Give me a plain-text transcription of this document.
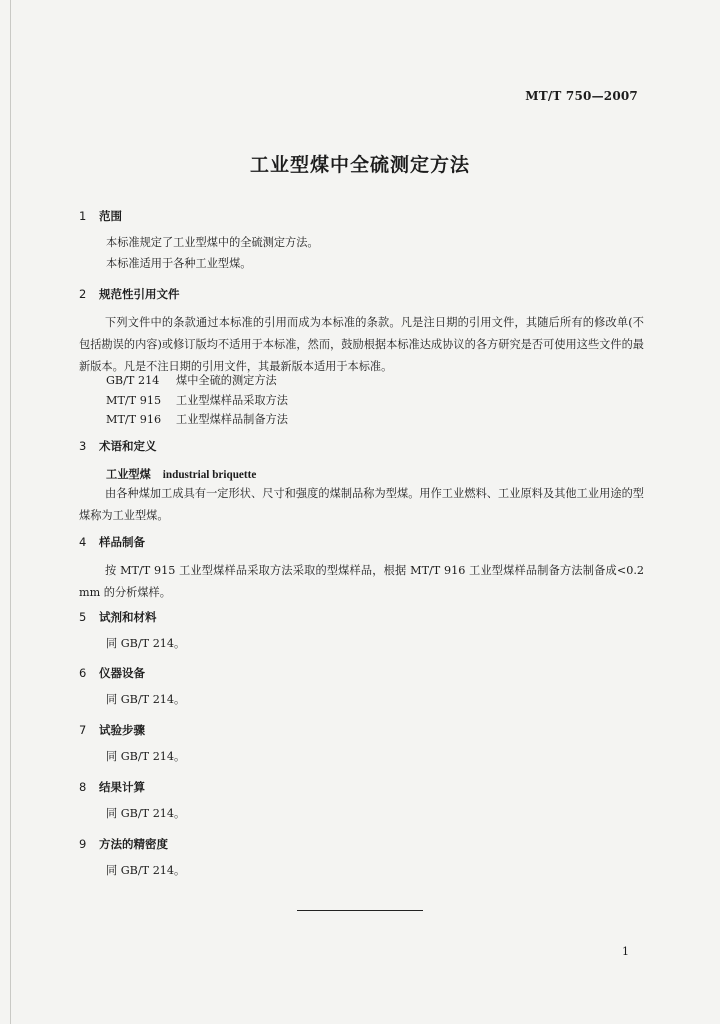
MT/T 750—2007
工业型煤中全硫测定方法
1 范围
本标准规定了工业型煤中的全硫测定方法。
本标准适用于各种工业型煤。
2 规范性引用文件
下列文件中的条款通过本标准的引用而成为本标准的条款。凡是注日期的引用文件，其随后所有的修改单(不包括勘误的内容)或修订版均不适用于本标准，然而，鼓励根据本标准达成协议的各方研究是否可使用这些文件的最新版本。凡是不注日期的引用文件，其最新版本适用于本标准。
GB/T 214 煤中全硫的测定方法
MT/T 915 工业型煤样品采取方法
MT/T 916 工业型煤样品制备方法
3 术语和定义
工业型煤 industrial briquette
由各种煤加工成具有一定形状、尺寸和强度的煤制品称为型煤。用作工业燃料、工业原料及其他工业用途的型煤称为工业型煤。
4 样品制备
按 MT/T 915 工业型煤样品采取方法采取的型煤样品，根据 MT/T 916 工业型煤样品制备方法制备成<0.2 mm 的分析煤样。
5 试剂和材料
同 GB/T 214。
6 仪器设备
同 GB/T 214。
7 试验步骤
同 GB/T 214。
8 结果计算
同 GB/T 214。
9 方法的精密度
同 GB/T 214。
1
